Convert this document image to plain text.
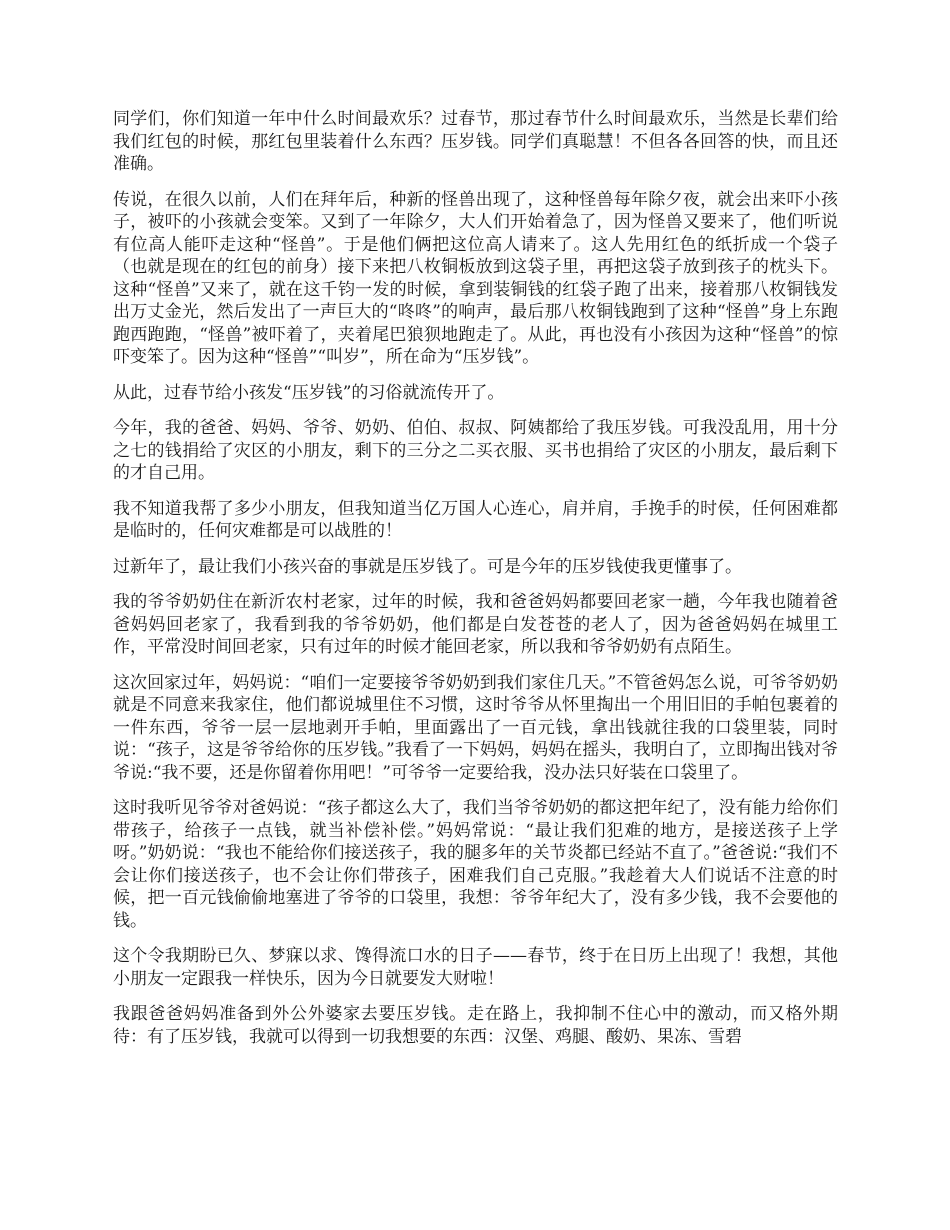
同学们，你们知道一年中什么时间最欢乐？过春节，那过春节什么时间最欢乐，当然是长辈们给我们红包的时候，那红包里装着什么东西？压岁钱。同学们真聪慧！不但各各回答的快，而且还准确。

传说，在很久以前，人们在拜年后，种新的怪兽出现了，这种怪兽每年除夕夜，就会出来吓小孩子，被吓的小孩就会变笨。又到了一年除夕，大人们开始着急了，因为怪兽又要来了，他们听说有位高人能吓走这种“怪兽”。于是他们俩把这位高人请来了。这人先用红色的纸折成一个袋子（也就是现在的红包的前身）接下来把八枚铜板放到这袋子里，再把这袋子放到孩子的枕头下。这种“怪兽”又来了，就在这千钧一发的时候，拿到装铜钱的红袋子跑了出来，接着那八枚铜钱发出万丈金光，然后发出了一声巨大的“咚咚”的响声，最后那八枚铜钱跑到了这种“怪兽”身上东跑跑西跑跑，“怪兽”被吓着了，夹着尾巴狼狈地跑走了。从此，再也没有小孩因为这种“怪兽”的惊吓变笨了。因为这种“怪兽”“叫岁”，所在命为“压岁钱”。

从此，过春节给小孩发“压岁钱”的习俗就流传开了。

今年，我的爸爸、妈妈、爷爷、奶奶、伯伯、叔叔、阿姨都给了我压岁钱。可我没乱用，用十分之七的钱捐给了灾区的小朋友，剩下的三分之二买衣服、买书也捐给了灾区的小朋友，最后剩下的才自己用。

我不知道我帮了多少小朋友，但我知道当亿万国人心连心，肩并肩，手挽手的时侯，任何困难都是临时的，任何灾难都是可以战胜的！

过新年了，最让我们小孩兴奋的事就是压岁钱了。可是今年的压岁钱使我更懂事了。

我的爷爷奶奶住在新沂农村老家，过年的时候，我和爸爸妈妈都要回老家一趟，今年我也随着爸爸妈妈回老家了，我看到我的爷爷奶奶，他们都是白发苍苍的老人了，因为爸爸妈妈在城里工作，平常没时间回老家，只有过年的时候才能回老家，所以我和爷爷奶奶有点陌生。

这次回家过年，妈妈说：“咱们一定要接爷爷奶奶到我们家住几天。”不管爸妈怎么说，可爷爷奶奶就是不同意来我家住，他们都说城里住不习惯，这时爷爷从怀里掏出一个用旧旧的手帕包裹着的一件东西，爷爷一层一层地剥开手帕，里面露出了一百元钱，拿出钱就往我的口袋里装，同时说：“孩子，这是爷爷给你的压岁钱。”我看了一下妈妈，妈妈在摇头，我明白了，立即掏出钱对爷爷说:“我不要，还是你留着你用吧！”可爷爷一定要给我，没办法只好装在口袋里了。

这时我听见爷爷对爸妈说：“孩子都这么大了，我们当爷爷奶奶的都这把年纪了，没有能力给你们带孩子，给孩子一点钱，就当补偿补偿。”妈妈常说：“最让我们犯难的地方，是接送孩子上学呀。”奶奶说：“我也不能给你们接送孩子，我的腿多年的关节炎都已经站不直了。”爸爸说:“我们不会让你们接送孩子，也不会让你们带孩子，困难我们自己克服。”我趁着大人们说话不注意的时候，把一百元钱偷偷地塞进了爷爷的口袋里，我想：爷爷年纪大了，没有多少钱，我不会要他的钱。

这个令我期盼已久、梦寐以求、馋得流口水的日子——春节，终于在日历上出现了！我想，其他小朋友一定跟我一样快乐，因为今日就要发大财啦！

我跟爸爸妈妈准备到外公外婆家去要压岁钱。走在路上，我抑制不住心中的激动，而又格外期待：有了压岁钱，我就可以得到一切我想要的东西：汉堡、鸡腿、酸奶、果冻、雪碧
